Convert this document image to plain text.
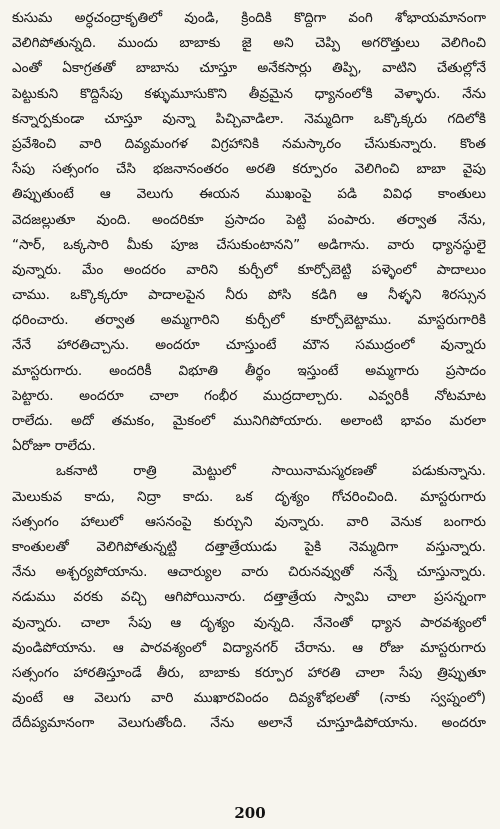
కుసుమ అర్ధచంద్రాకృతిలో వుండి, క్రిందికి కొద్దిగా వంగి శోభాయమానంగా
వెలిగిపోతున్నది. ముందు బాబాకు జై అని చెప్పి అగరొత్తులు వెలిగించి
ఎంతో ఏకాగ్రతతో బాబాను చూస్తూ అనేకసార్లు తిప్పి, వాటిని చేతుల్లోనే
పెట్టుకుని కొద్దిసేపు కళ్ళుమూసుకొని తీవ్రమైన ధ్యానంలోకి వెళ్ళారు. నేను
కన్నార్పకుండా చూస్తూ వున్నా పిచ్చివాడిలా. నెమ్మదిగా ఒక్కొక్కరు గదిలోకి
ప్రవేశించి వారి దివ్యమంగళ విగ్రహానికి నమస్కారం చేసుకున్నారు. కొంత
సేపు సత్సంగం చేసి భజనానంతరం అరతి కర్పూరం వెలిగించి బాబా వైపు
తిప్పుతుంటే ఆ వెలుగు ఈయన ముఖంపై పడి వివిధ కాంతులు
వెదజల్లుతూ వుంది. అందరికూ ప్రసాదం పెట్టి పంపారు. తర్వాత నేను,
“సార్, ఒక్కసారి మీకు పూజ చేసుకుంటానని” అడిగాను. వారు ధ్యానస్థులై
వున్నారు. మేం అందరం వారిని కుర్చీలో కూర్చోబెట్టి పళ్ళెంలో పాదాలుం
చాము. ఒక్కొక్కరూ పాదాలపైన నీరు పోసి కడిగి ఆ నీళ్ళని శిరస్సున
ధరించారు. తర్వాత అమ్మగారిని కుర్చీలో కూర్చోబెట్టాము. మాస్టరుగారికి
నేనే హారతిచ్చాను. అందరూ చూస్తుంటే మౌన సముద్రంలో వున్నారు
మాస్టరుగారు. అందరికీ విభూతి తీర్థం ఇస్తుంటే అమ్మగారు ప్రసాదం
పెట్టారు. అందరూ చాలా గంభీర ముద్రదాల్చారు. ఎవ్వరికీ నోటమాట
రాలేదు. అదో తమకం, మైకంలో మునిగిపోయారు. అలాంటి భావం మరలా
ఏరోజూ రాలేదు.
ఒకనాటి రాత్రి మెట్టులో సాయినామస్మరణతో పడుకున్నాను.
మెలుకువ కాదు, నిద్రా కాదు. ఒక దృశ్యం గోచరించింది. మాస్టరుగారు
సత్సంగం హాలులో ఆసనంపై కుర్చుని వున్నారు. వారి వెనుక బంగారు
కాంతులతో వెలిగిపోతున్నట్టి దత్తాత్రేయుడు పైకి నెమ్మదిగా వస్తున్నారు.
నేను అశ్చర్యపోయాను. ఆచార్యుల వారు చిరునవ్వుతో నన్నే చూస్తున్నారు.
నడుము వరకు వచ్చి ఆగిపోయినారు. దత్తాత్రేయ స్వామి చాలా ప్రసన్నంగా
వున్నారు. చాలా సేపు ఆ దృశ్యం వున్నది. నేనెంతో ధ్యాన పారవశ్యంలో
వుండిపోయాను. ఆ పారవశ్యంలో విద్యానగర్ చేరాను. ఆ రోజు మాస్టరుగారు
సత్సంగం హారతిస్తూండే తీరు, బాబాకు కర్పూర హారతి చాలా సేపు త్రిప్పుతూ
వుంటే ఆ వెలుగు వారి ముఖారవిందం దివ్యశోభలతో (నాకు స్వప్నంలో)
దేదీప్యమానంగా వెలుగుతోంది. నేను అలానే చూస్తూడిపోయాను. అందరూ
200
